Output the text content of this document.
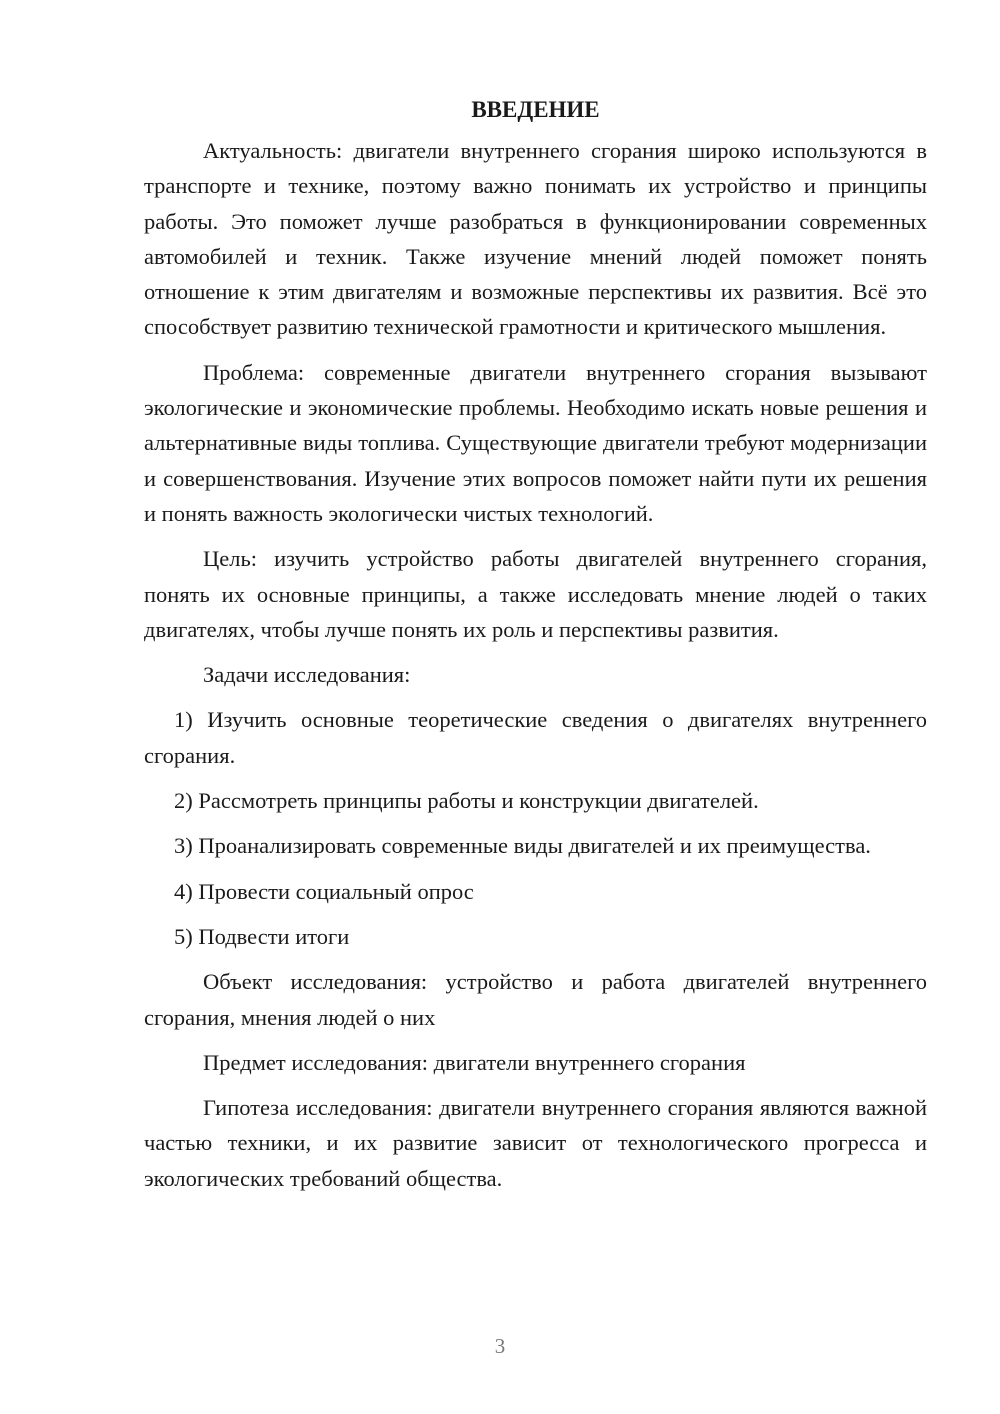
ВВЕДЕНИЕ

Актуальность: двигатели внутреннего сгорания широко используются в транспорте и технике, поэтому важно понимать их устройство и принципы работы. Это поможет лучше разобраться в функционировании современных автомобилей и техник. Также изучение мнений людей поможет понять отношение к этим двигателям и возможные перспективы их развития. Всё это способствует развитию технической грамотности и критического мышления.

Проблема: современные двигатели внутреннего сгорания вызывают экологические и экономические проблемы. Необходимо искать новые решения и альтернативные виды топлива. Существующие двигатели требуют модернизации и совершенствования. Изучение этих вопросов поможет найти пути их решения и понять важность экологически чистых технологий.

Цель: изучить устройство работы двигателей внутреннего сгорания, понять их основные принципы, а также исследовать мнение людей о таких двигателях, чтобы лучше понять их роль и перспективы развития.

Задачи исследования:

1) Изучить основные теоретические сведения о двигателях внутреннего сгорания.

2) Рассмотреть принципы работы и конструкции двигателей.

3) Проанализировать современные виды двигателей и их преимущества.

4) Провести социальный опрос

5) Подвести итоги

Объект исследования: устройство и работа двигателей внутреннего сгорания, мнения людей о них

Предмет исследования: двигатели внутреннего сгорания

Гипотеза исследования: двигатели внутреннего сгорания являются важной частью техники, и их развитие зависит от технологического прогресса и экологических требований общества.

3
